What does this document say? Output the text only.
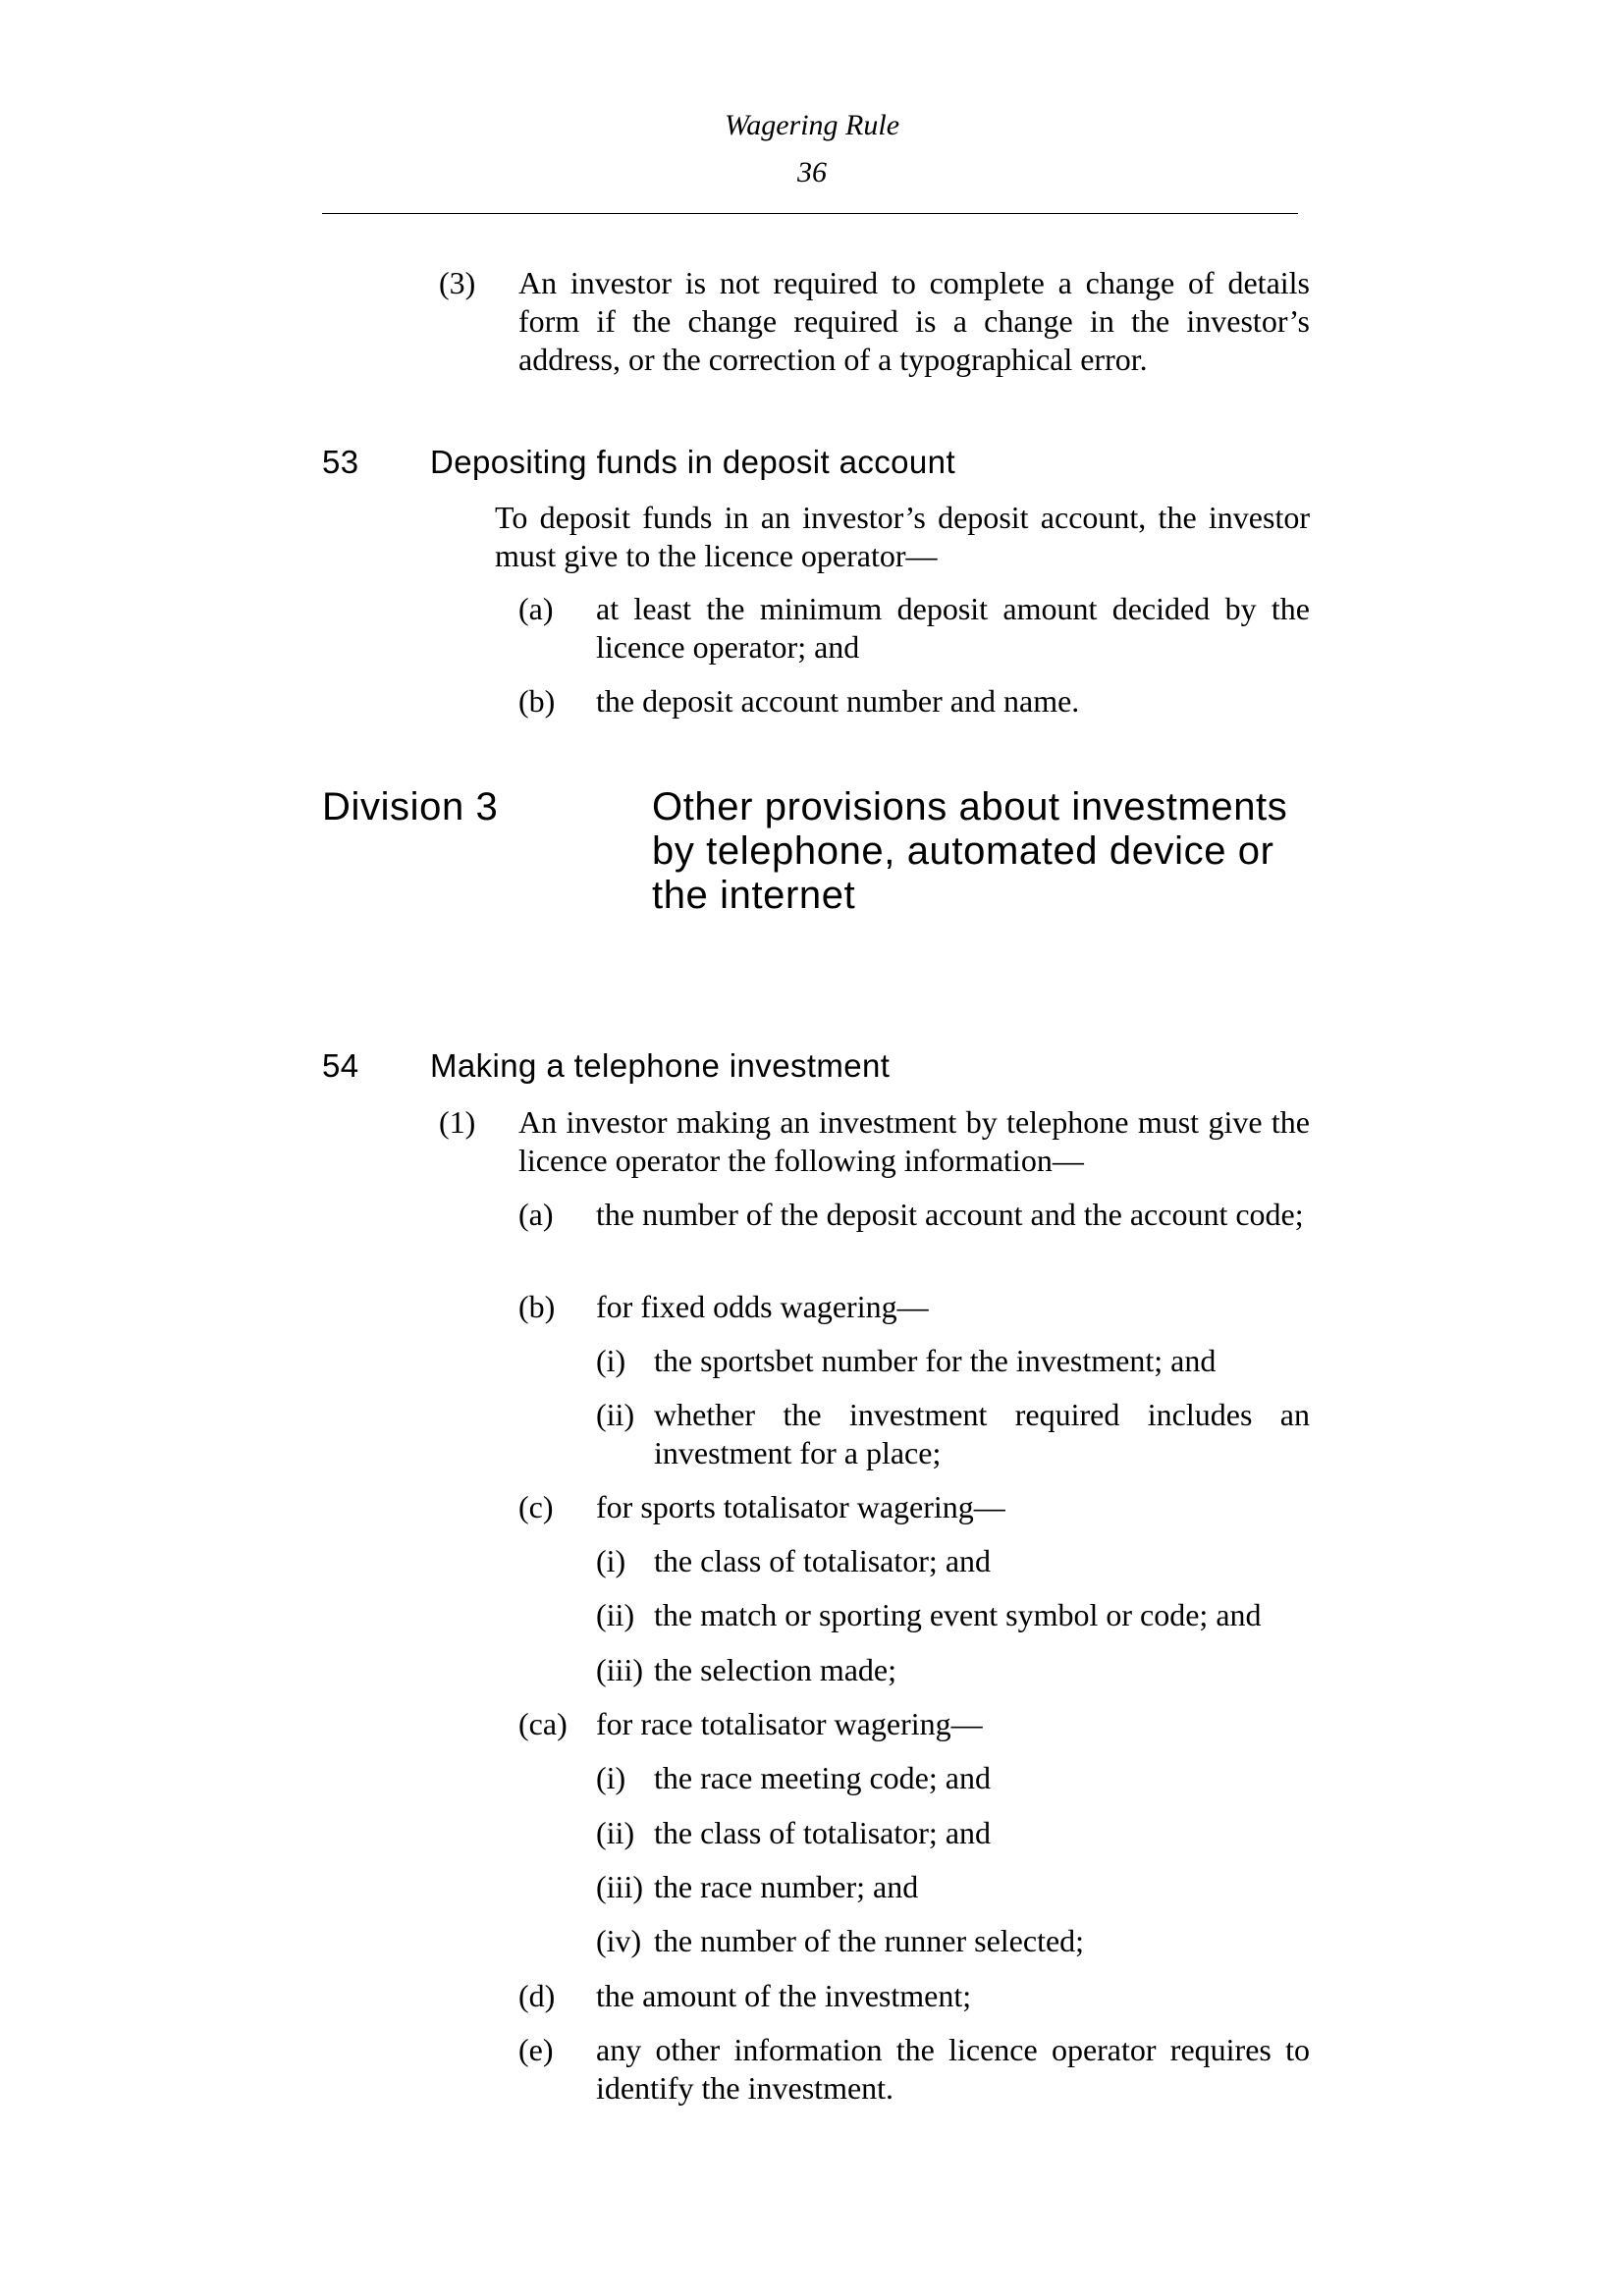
Wagering Rule
36
(3) An investor is not required to complete a change of details form if the change required is a change in the investor’s address, or the correction of a typographical error.
53 Depositing funds in deposit account
To deposit funds in an investor’s deposit account, the investor must give to the licence operator—
(a) at least the minimum deposit amount decided by the licence operator; and
(b) the deposit account number and name.
Division 3	Other provisions about investments by telephone, automated device or the internet
54 Making a telephone investment
(1) An investor making an investment by telephone must give the licence operator the following information—
(a) the number of the deposit account and the account code;
(b) for fixed odds wagering—
(i) the sportsbet number for the investment; and
(ii) whether the investment required includes an investment for a place;
(c) for sports totalisator wagering—
(i) the class of totalisator; and
(ii) the match or sporting event symbol or code; and
(iii) the selection made;
(ca) for race totalisator wagering—
(i) the race meeting code; and
(ii) the class of totalisator; and
(iii) the race number; and
(iv) the number of the runner selected;
(d) the amount of the investment;
(e) any other information the licence operator requires to identify the investment.
